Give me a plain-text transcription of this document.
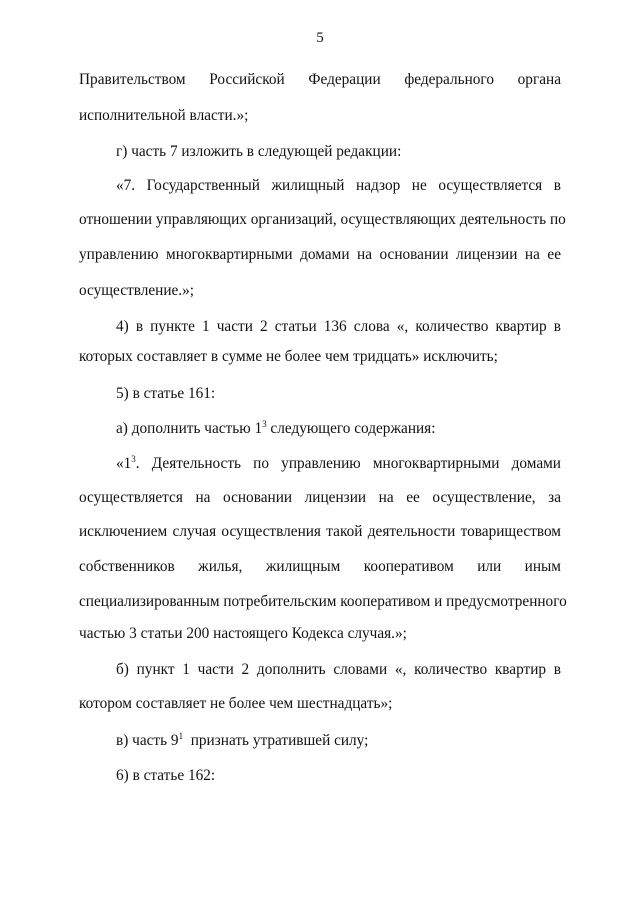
5
Правительством Российской Федерации федерального органа
исполнительной власти.»;
г) часть 7 изложить в следующей редакции:
«7. Государственный жилищный надзор не осуществляется в
отношении управляющих организаций, осуществляющих деятельность по
управлению многоквартирными домами на основании лицензии на ее
осуществление.»;
4) в пункте 1 части 2 статьи 136 слова «, количество квартир в
которых составляет в сумме не более чем тридцать» исключить;
5) в статье 161:
а) дополнить частью $1^3$ следующего содержания:
«$1^3$. Деятельность по управлению многоквартирными домами
осуществляется на основании лицензии на ее осуществление, за
исключением случая осуществления такой деятельности товариществом
собственников жилья, жилищным кооперативом или иным
специализированным потребительским кооперативом и предусмотренного
частью 3 статьи 200 настоящего Кодекса случая.»;
б) пункт 1 части 2 дополнить словами «, количество квартир в
котором составляет не более чем шестнадцать»;
в) часть $9^1$  признать утратившей силу;
6) в статье 162:
